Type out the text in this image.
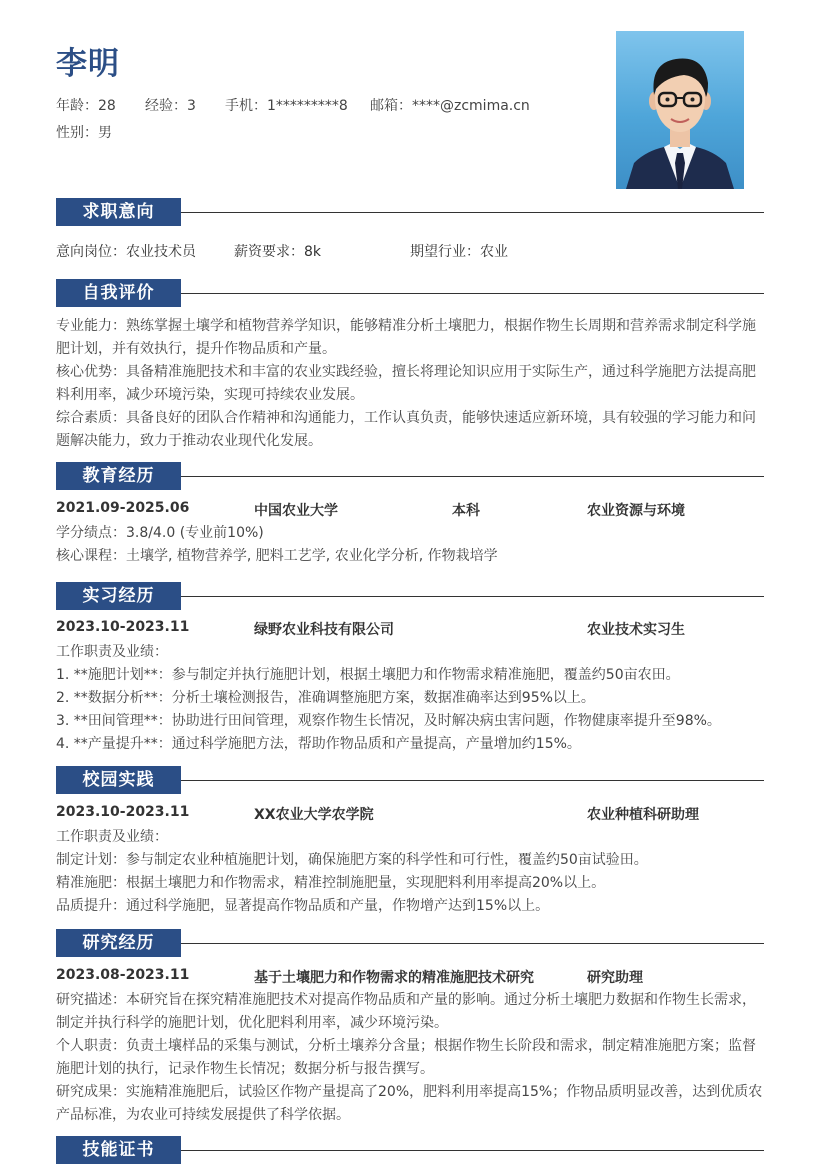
李明
年龄：28 经验：3 手机：1*********8 邮箱：****@zcmima.cn
性别：男
求职意向
意向岗位：农业技术员	薪资要求：8k	期望行业：农业
自我评价

专业能力：熟练掌握土壤学和植物营养学知识，能够精准分析土壤肥力，根据作物生长周期和营养需求制定科学施肥计划，并有效执行，提升作物品质和产量。

核心优势：具备精准施肥技术和丰富的农业实践经验，擅长将理论知识应用于实际生产，通过科学施肥方法提高肥料利用率，减少环境污染，实现可持续农业发展。

综合素质：具备良好的团队合作精神和沟通能力，工作认真负责，能够快速适应新环境，具有较强的学习能力和问题解决能力，致力于推动农业现代化发展。

教育经历
2021.09-2025.06	中国农业大学	本科	农业资源与环境

学分绩点：3.8/4.0 (专业前10%)

核心课程：土壤学, 植物营养学, 肥料工艺学, 农业化学分析, 作物栽培学

实习经历
2023.10-2023.11	绿野农业科技有限公司	农业技术实习生

工作职责及业绩：

1. **施肥计划**：参与制定并执行施肥计划，根据土壤肥力和作物需求精准施肥，覆盖约50亩农田。

2. **数据分析**：分析土壤检测报告，准确调整施肥方案，数据准确率达到95%以上。

3. **田间管理**：协助进行田间管理，观察作物生长情况，及时解决病虫害问题，作物健康率提升至98%。

4. **产量提升**：通过科学施肥方法，帮助作物品质和产量提高，产量增加约15%。

校园实践
2023.10-2023.11	XX农业大学农学院	农业种植科研助理

工作职责及业绩：

制定计划：参与制定农业种植施肥计划，确保施肥方案的科学性和可行性，覆盖约50亩试验田。

精准施肥：根据土壤肥力和作物需求，精准控制施肥量，实现肥料利用率提高20%以上。

品质提升：通过科学施肥，显著提高作物品质和产量，作物增产达到15%以上。

研究经历
2023.08-2023.11	基于土壤肥力和作物需求的精准施肥技术研究	研究助理

研究描述：本研究旨在探究精准施肥技术对提高作物品质和产量的影响。通过分析土壤肥力数据和作物生长需求，制定并执行科学的施肥计划，优化肥料利用率，减少环境污染。

个人职责：负责土壤样品的采集与测试，分析土壤养分含量；根据作物生长阶段和需求，制定精准施肥方案；监督施肥计划的执行，记录作物生长情况；数据分析与报告撰写。

研究成果：实施精准施肥后，试验区作物产量提高了20%，肥料利用率提高15%；作物品质明显改善，达到优质农产品标准，为农业可持续发展提供了科学依据。

技能证书
